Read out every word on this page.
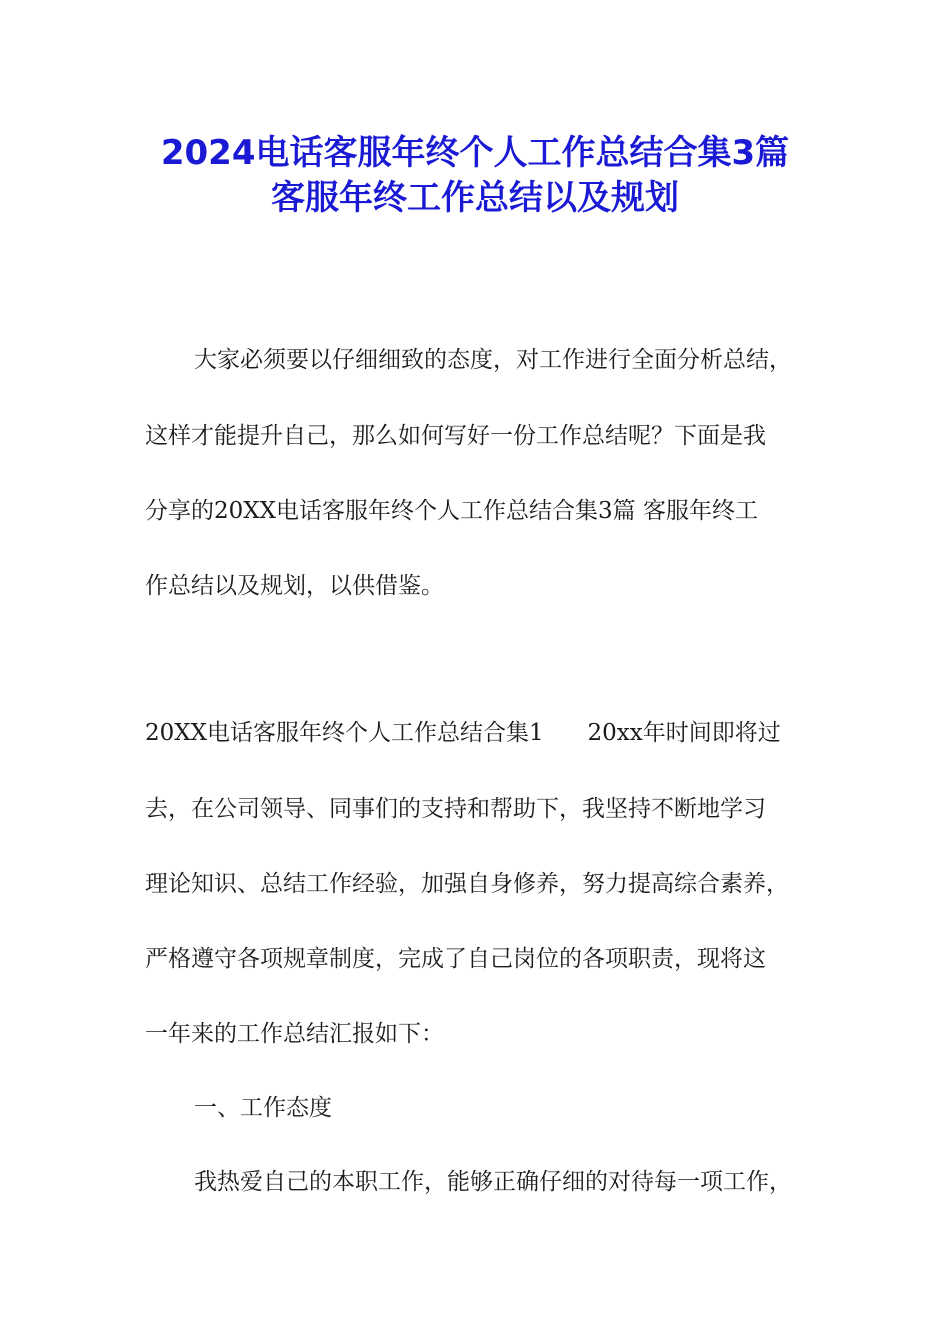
2024电话客服年终个人工作总结合集3篇
客服年终工作总结以及规划
大家必须要以仔细细致的态度，对工作进行全面分析总结，
这样才能提升自己，那么如何写好一份工作总结呢？下面是我
分享的20XX电话客服年终个人工作总结合集3篇 客服年终工
作总结以及规划，以供借鉴。
20XX电话客服年终个人工作总结合集1      20xx年时间即将过
去，在公司领导、同事们的支持和帮助下，我坚持不断地学习
理论知识、总结工作经验，加强自身修养，努力提高综合素养，
严格遵守各项规章制度，完成了自己岗位的各项职责，现将这
一年来的工作总结汇报如下：
一、工作态度
我热爱自己的本职工作，能够正确仔细的对待每一项工作，
